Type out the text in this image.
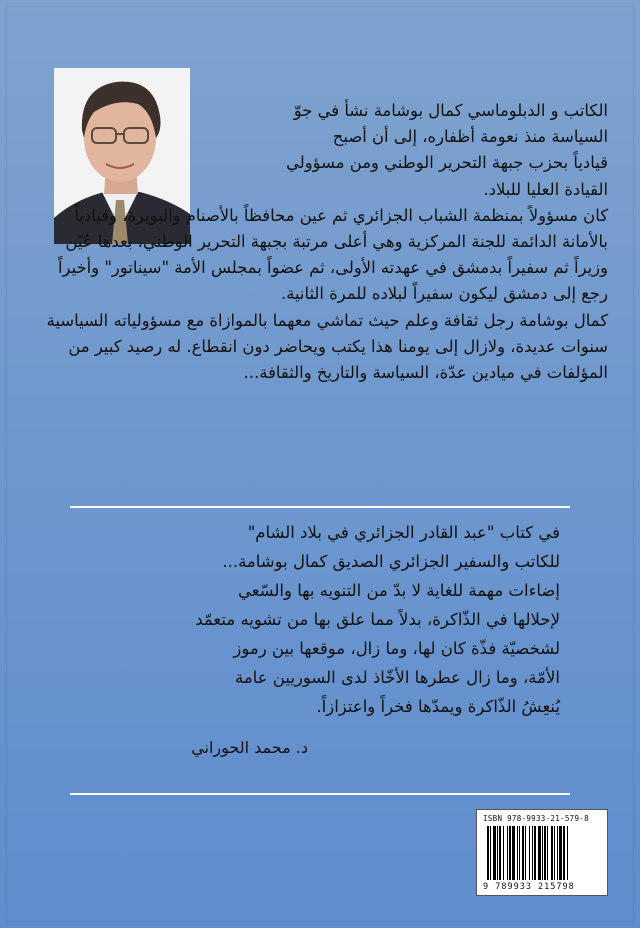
الكاتب و الدبلوماسي كمال بوشامة نشأ في جوّ
السياسة منذ نعومة أظفاره، إلى أن أصبح
قيادياً بحزب جبهة التحرير الوطني ومن مسؤولي
القيادة العليا للبلاد.
كان مسؤولاً بمنظمة الشباب الجزائري ثم عين محافظاً بالأصنام والبويرة، وقيادياً بالأمانة الدائمة للجنة المركزية وهي أعلى مرتبة بجبهة التحرير الوطني، بعدها عُيّن وزيراً ثم سفيراً بدمشق في عهدته الأولى، ثم عضواً بمجلس الأمة "سيناتور" وأخيراً رجع إلى دمشق ليكون سفيراً لبلاده للمرة الثانية.
كمال بوشامة رجل ثقافة وعلم حيث تماشي معهما بالموازاة مع مسؤولياته السياسية سنوات عديدة، ولازال إلى يومنا هذا يكتب ويحاضر دون انقطاع. له رصيد كبير من المؤلفات في ميادين عدّة، السياسة والتاريخ والثقافة...
في كتاب "عبد القادر الجزائري في بلاد الشام"
للكاتب والسفير الجزائري الصديق كمال بوشامة...
إضاءات مهمة للغاية لا بدّ من التنويه بها والسّعي
لإحلالها في الذّاكرة، بدلاً مما علق بها من تشويه متعمّد
لشخصيّة فذّة كان لها، وما زال، موقعها بين رموز
الأمّة، وما زال عطرها الأخّاذ لدى السوريين عامة
يُنعِشُ الذّاكرة ويمدّها فخراً واعتزازاً.
د. محمد الحوراني
ISBN 978-9933-21-579-8
9 789933 215798
